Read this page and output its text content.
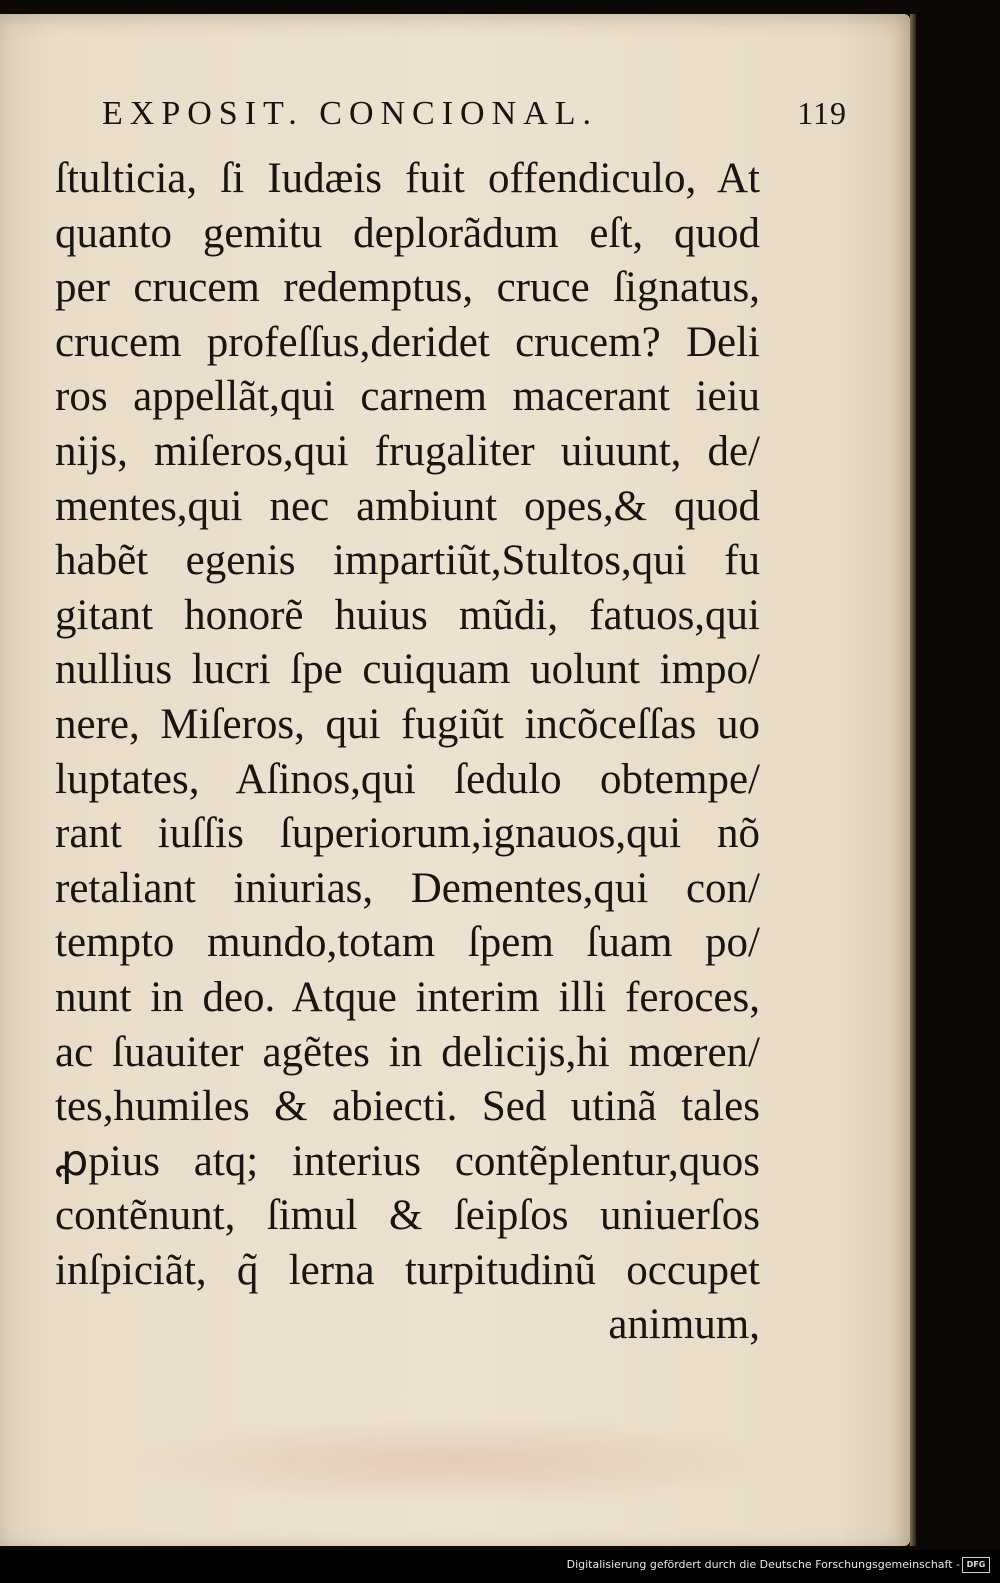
EXPOSIT. CONCIONAL.	119
ſtulticia, ſi Iudæis fuit offendiculo, At
quanto gemitu deplorãdum eſt, quod
per crucem redemptus, cruce ſignatus,
crucem profeſſus,deridet crucem? Deli
ros appellãt,qui carnem macerant ieiu
nijs, miſeros,qui frugaliter uiuunt, de/
mentes,qui nec ambiunt opes,& quod
habẽt egenis impartiũt,Stultos,qui fu
gitant honorẽ huius mũdi, fatuos,qui
nullius lucri ſpe cuiquam uolunt impo/
nere, Miſeros, qui fugiũt incõceſſas uo
luptates, Aſinos,qui ſedulo obtempe/
rant iuſſis ſuperiorum,ignauos,qui nõ
retaliant iniurias, Dementes,qui con/
tempto mundo,totam ſpem ſuam po/
nunt in deo. Atque interim illi feroces,
ac ſuauiter agẽtes in delicijs,hi mœren/
tes,humiles & abiecti. Sed utinã tales
ꝓpius atq; interius contẽplentur,quos
contẽnunt, ſimul & ſeipſos uniuerſos
inſpiciãt, q̃ lerna turpitudinũ occupet
animum,
Digitalisierung gefördert durch die Deutsche Forschungsgemeinschaft - DFG
